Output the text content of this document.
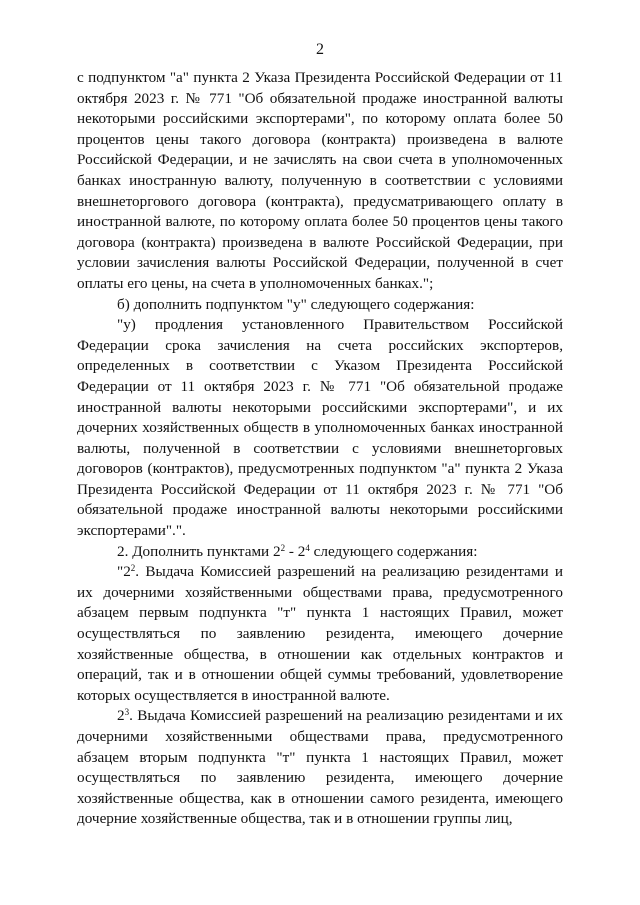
2

с подпунктом "а" пункта 2 Указа Президента Российской Федерации от 11 октября 2023 г. № 771 "Об обязательной продаже иностранной валюты некоторыми российскими экспортерами", по которому оплата более 50 процентов цены такого договора (контракта) произведена в валюте Российской Федерации, и не зачислять на свои счета в уполномоченных банках иностранную валюту, полученную в соответствии с условиями внешнеторгового договора (контракта), предусматривающего оплату в иностранной валюте, по которому оплата более 50 процентов цены такого договора (контракта) произведена в валюте Российской Федерации, при условии зачисления валюты Российской Федерации, полученной в счет оплаты его цены, на счета в уполномоченных банках.";

б) дополнить подпунктом "у" следующего содержания:

"у) продления установленного Правительством Российской Федерации срока зачисления на счета российских экспортеров, определенных в соответствии с Указом Президента Российской Федерации от 11 октября 2023 г. № 771 "Об обязательной продаже иностранной валюты некоторыми российскими экспортерами", и их дочерних хозяйственных обществ в уполномоченных банках иностранной валюты, полученной в соответствии с условиями внешнеторговых договоров (контрактов), предусмотренных подпунктом "а" пункта 2 Указа Президента Российской Федерации от 11 октября 2023 г. № 771 "Об обязательной продаже иностранной валюты некоторыми российскими экспортерами".".

2. Дополнить пунктами $2^2 - 2^4$ следующего содержания:

"$2^2$. Выдача Комиссией разрешений на реализацию резидентами и их дочерними хозяйственными обществами права, предусмотренного абзацем первым подпункта "т" пункта 1 настоящих Правил, может осуществляться по заявлению резидента, имеющего дочерние хозяйственные общества, в отношении как отдельных контрактов и операций, так и в отношении общей суммы требований, удовлетворение которых осуществляется в иностранной валюте.

$2^3$. Выдача Комиссией разрешений на реализацию резидентами и их дочерними хозяйственными обществами права, предусмотренного абзацем вторым подпункта "т" пункта 1 настоящих Правил, может осуществляться по заявлению резидента, имеющего дочерние хозяйственные общества, как в отношении самого резидента, имеющего дочерние хозяйственные общества, так и в отношении группы лиц,
